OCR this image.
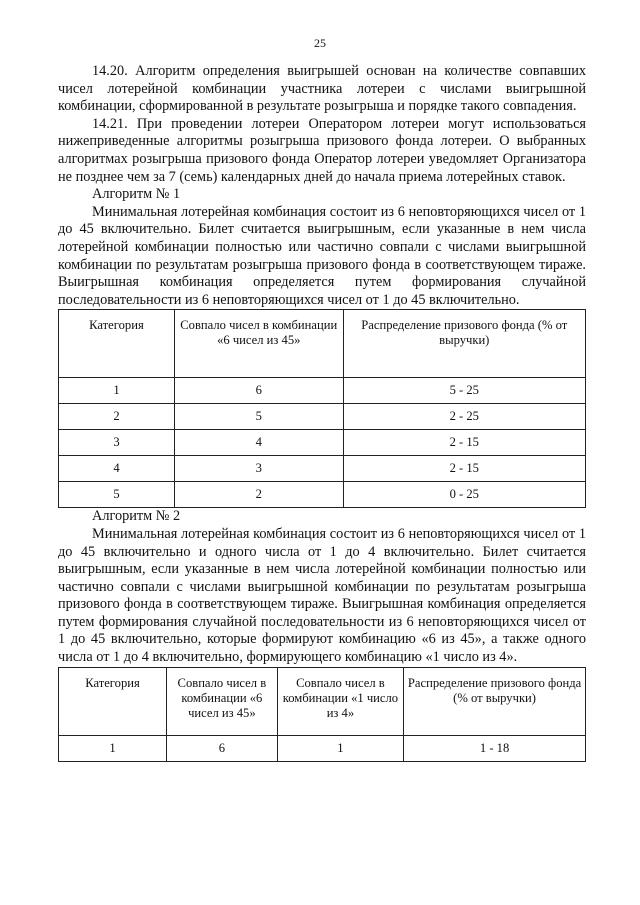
25

14.20. Алгоритм определения выигрышей основан на количестве совпавших чисел лотерейной комбинации участника лотереи с числами выигрышной комбинации, сформированной в результате розыгрыша и порядке такого совпадения.

14.21. При проведении лотереи Оператором лотереи могут использоваться нижеприведенные алгоритмы розыгрыша призового фонда лотереи. О выбранных алгоритмах розыгрыша призового фонда Оператор лотереи уведомляет Организатора не позднее чем за 7 (семь) календарных дней до начала приема лотерейных ставок.

Алгоритм № 1

Минимальная лотерейная комбинация состоит из 6 неповторяющихся чисел от 1 до 45 включительно. Билет считается выигрышным, если указанные в нем числа лотерейной комбинации полностью или частично совпали с числами выигрышной комбинации по результатам розыгрыша призового фонда в соответствующем тираже. Выигрышная комбинация определяется путем формирования случайной последовательности из 6 неповторяющихся чисел от 1 до 45 включительно.

Категория	Совпало чисел в комбинации «6 чисел из 45»	Распределение призового фонда (% от выручки)
1	6	5 - 25
2	5	2 - 25
3	4	2 - 15
4	3	2 - 15
5	2	0 - 25

Алгоритм № 2

Минимальная лотерейная комбинация состоит из 6 неповторяющихся чисел от 1 до 45 включительно и одного числа от 1 до 4 включительно. Билет считается выигрышным, если указанные в нем числа лотерейной комбинации полностью или частично совпали с числами выигрышной комбинации по результатам розыгрыша призового фонда в соответствующем тираже. Выигрышная комбинация определяется путем формирования случайной последовательности из 6 неповторяющихся чисел от 1 до 45 включительно, которые формируют комбинацию «6 из 45», а также одного числа от 1 до 4 включительно, формирующего комбинацию «1 число из 4».

Категория	Совпало чисел в комбинации «6 чисел из 45»	Совпало чисел в комбинации «1 число из 4»	Распределение призового фонда (% от выручки)
1	6	1	1 - 18
